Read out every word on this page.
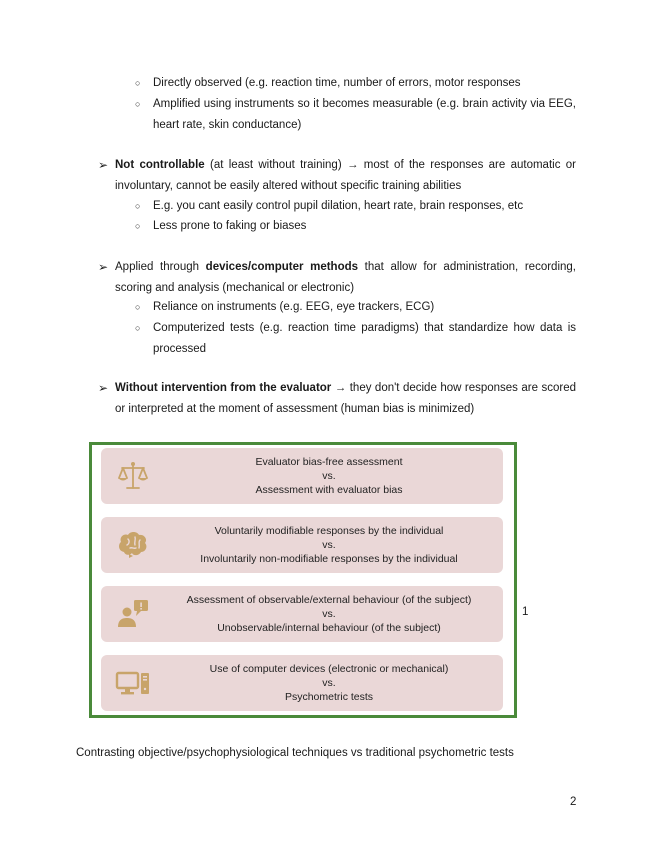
○ Directly observed (e.g. reaction time, number of errors, motor responses
○ Amplified using instruments so it becomes measurable (e.g. brain activity via EEG, heart rate, skin conductance)
➢ Not controllable (at least without training) → most of the responses are automatic or involuntary, cannot be easily altered without specific training abilities
○ E.g. you cant easily control pupil dilation, heart rate, brain responses, etc
○ Less prone to faking or biases
➢ Applied through devices/computer methods that allow for administration, recording, scoring and analysis (mechanical or electronic)
○ Reliance on instruments (e.g. EEG, eye trackers, ECG)
○ Computerized tests (e.g. reaction time paradigms) that standardize how data is processed
➢ Without intervention from the evaluator → they don't decide how responses are scored or interpreted at the moment of assessment (human bias is minimized)
Evaluator bias-free assessment
vs.
Assessment with evaluator bias
Voluntarily modifiable responses by the individual
vs.
Involuntarily non-modifiable responses by the individual
Assessment of observable/external behaviour (of the subject)
vs.
Unobservable/internal behaviour (of the subject)
Use of computer devices (electronic or mechanical)
vs.
Psychometric tests
1
Contrasting objective/psychophysiological techniques vs traditional psychometric tests
2
